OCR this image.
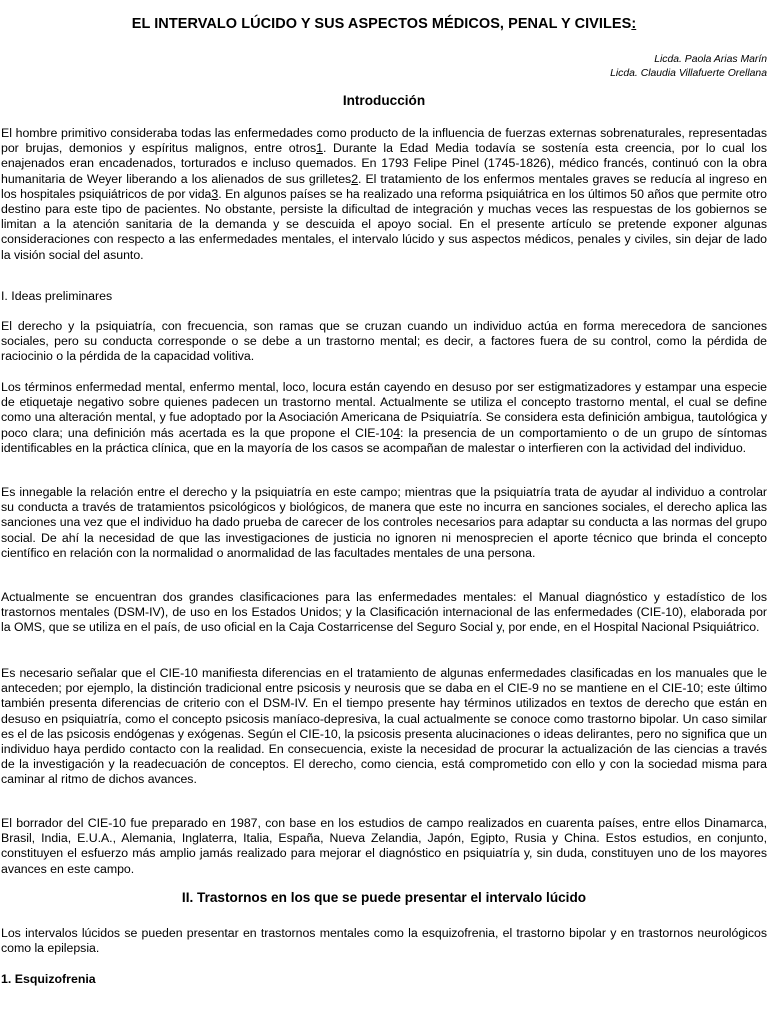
EL INTERVALO LÚCIDO Y SUS ASPECTOS MÉDICOS, PENAL Y CIVILES:
Licda. Paola Arias Marín
Licda. Claudia Villafuerte Orellana
Introducción

El hombre primitivo consideraba todas las enfermedades como producto de la influencia de fuerzas externas sobrenaturales, representadas por brujas, demonios y espíritus malignos, entre otros1. Durante la Edad Media todavía se sostenía esta creencia, por lo cual los enajenados eran encadenados, torturados e incluso quemados. En 1793 Felipe Pinel (1745-1826), médico francés, continuó con la obra humanitaria de Weyer liberando a los alienados de sus grilletes2. El tratamiento de los enfermos mentales graves se reducía al ingreso en los hospitales psiquiátricos de por vida3. En algunos países se ha realizado una reforma psiquiátrica en los últimos 50 años que permite otro destino para este tipo de pacientes. No obstante, persiste la dificultad de integración y muchas veces las respuestas de los gobiernos se limitan a la atención sanitaria de la demanda y se descuida el apoyo social. En el presente artículo se pretende exponer algunas consideraciones con respecto a las enfermedades mentales, el intervalo lúcido y sus aspectos médicos, penales y civiles, sin dejar de lado la visión social del asunto.

I. Ideas preliminares

El derecho y la psiquiatría, con frecuencia, son ramas que se cruzan cuando un individuo actúa en forma merecedora de sanciones sociales, pero su conducta corresponde o se debe a un trastorno mental; es decir, a factores fuera de su control, como la pérdida de raciocinio o la pérdida de la capacidad volitiva.

Los términos enfermedad mental, enfermo mental, loco, locura están cayendo en desuso por ser estigmatizadores y estampar una especie de etiquetaje negativo sobre quienes padecen un trastorno mental. Actualmente se utiliza el concepto trastorno mental, el cual se define como una alteración mental, y fue adoptado por la Asociación Americana de Psiquiatría. Se considera esta definición ambigua, tautológica y poco clara; una definición más acertada es la que propone el CIE-104: la presencia de un comportamiento o de un grupo de síntomas identificables en la práctica clínica, que en la mayoría de los casos se acompañan de malestar o interfieren con la actividad del individuo.

Es innegable la relación entre el derecho y la psiquiatría en este campo; mientras que la psiquiatría trata de ayudar al individuo a controlar su conducta a través de tratamientos psicológicos y biológicos, de manera que este no incurra en sanciones sociales, el derecho aplica las sanciones una vez que el individuo ha dado prueba de carecer de los controles necesarios para adaptar su conducta a las normas del grupo social. De ahí la necesidad de que las investigaciones de justicia no ignoren ni menosprecien el aporte técnico que brinda el concepto científico en relación con la normalidad o anormalidad de las facultades mentales de una persona.

Actualmente se encuentran dos grandes clasificaciones para las enfermedades mentales: el Manual diagnóstico y estadístico de los trastornos mentales (DSM-IV), de uso en los Estados Unidos; y la Clasificación internacional de las enfermedades (CIE-10), elaborada por la OMS, que se utiliza en el país, de uso oficial en la Caja Costarricense del Seguro Social y, por ende, en el Hospital Nacional Psiquiátrico.

Es necesario señalar que el CIE-10 manifiesta diferencias en el tratamiento de algunas enfermedades clasificadas en los manuales que le anteceden; por ejemplo, la distinción tradicional entre psicosis y neurosis que se daba en el CIE-9 no se mantiene en el CIE-10; este último también presenta diferencias de criterio con el DSM-IV. En el tiempo presente hay términos utilizados en textos de derecho que están en desuso en psiquiatría, como el concepto psicosis maníaco-depresiva, la cual actualmente se conoce como trastorno bipolar. Un caso similar es el de las psicosis endógenas y exógenas. Según el CIE-10, la psicosis presenta alucinaciones o ideas delirantes, pero no significa que un individuo haya perdido contacto con la realidad. En consecuencia, existe la necesidad de procurar la actualización de las ciencias a través de la investigación y la readecuación de conceptos. El derecho, como ciencia, está comprometido con ello y con la sociedad misma para caminar al ritmo de dichos avances.

El borrador del CIE-10 fue preparado en 1987, con base en los estudios de campo realizados en cuarenta países, entre ellos Dinamarca, Brasil, India, E.U.A., Alemania, Inglaterra, Italia, España, Nueva Zelandia, Japón, Egipto, Rusia y China. Estos estudios, en conjunto, constituyen el esfuerzo más amplio jamás realizado para mejorar el diagnóstico en psiquiatría y, sin duda, constituyen uno de los mayores avances en este campo.

II. Trastornos en los que se puede presentar el intervalo lúcido

Los intervalos lúcidos se pueden presentar en trastornos mentales como la esquizofrenia, el trastorno bipolar y en trastornos neurológicos como la epilepsia.

1. Esquizofrenia
